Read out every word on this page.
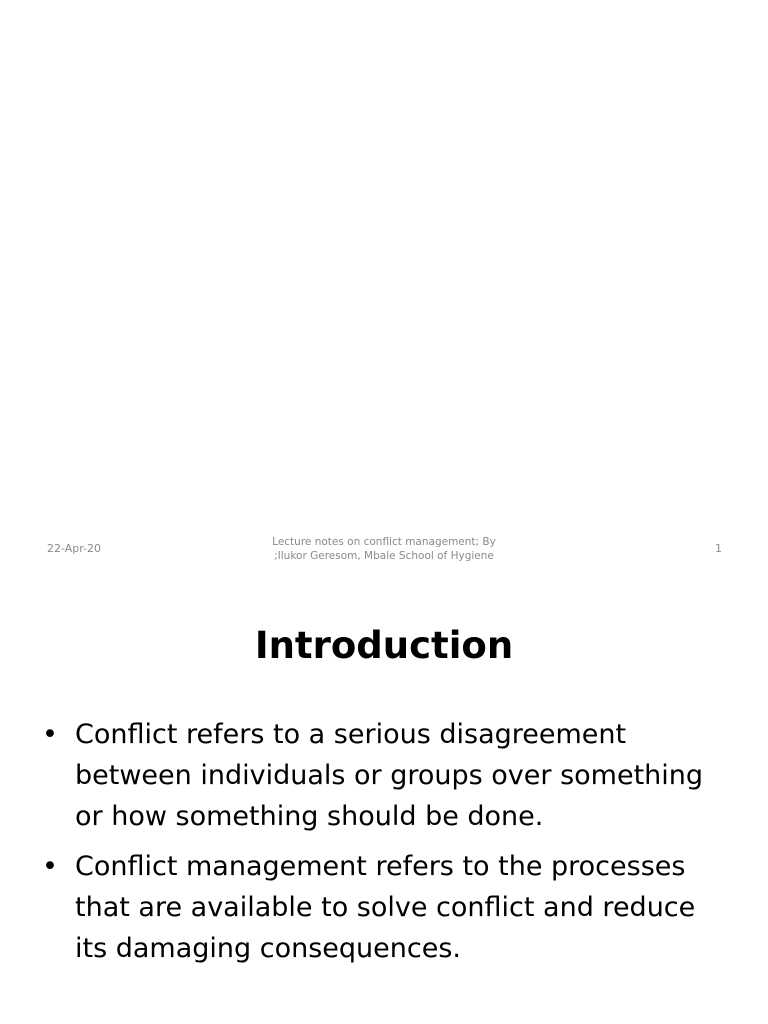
22-Apr-20	Lecture notes on conflict management; By
;Ilukor Geresom, Mbale School of Hygiene
1
Introduction
• Conflict refers to a serious disagreement
between individuals or groups over something
or how something should be done.
• Conflict management refers to the processes
that are available to solve conflict and reduce
its damaging consequences.
